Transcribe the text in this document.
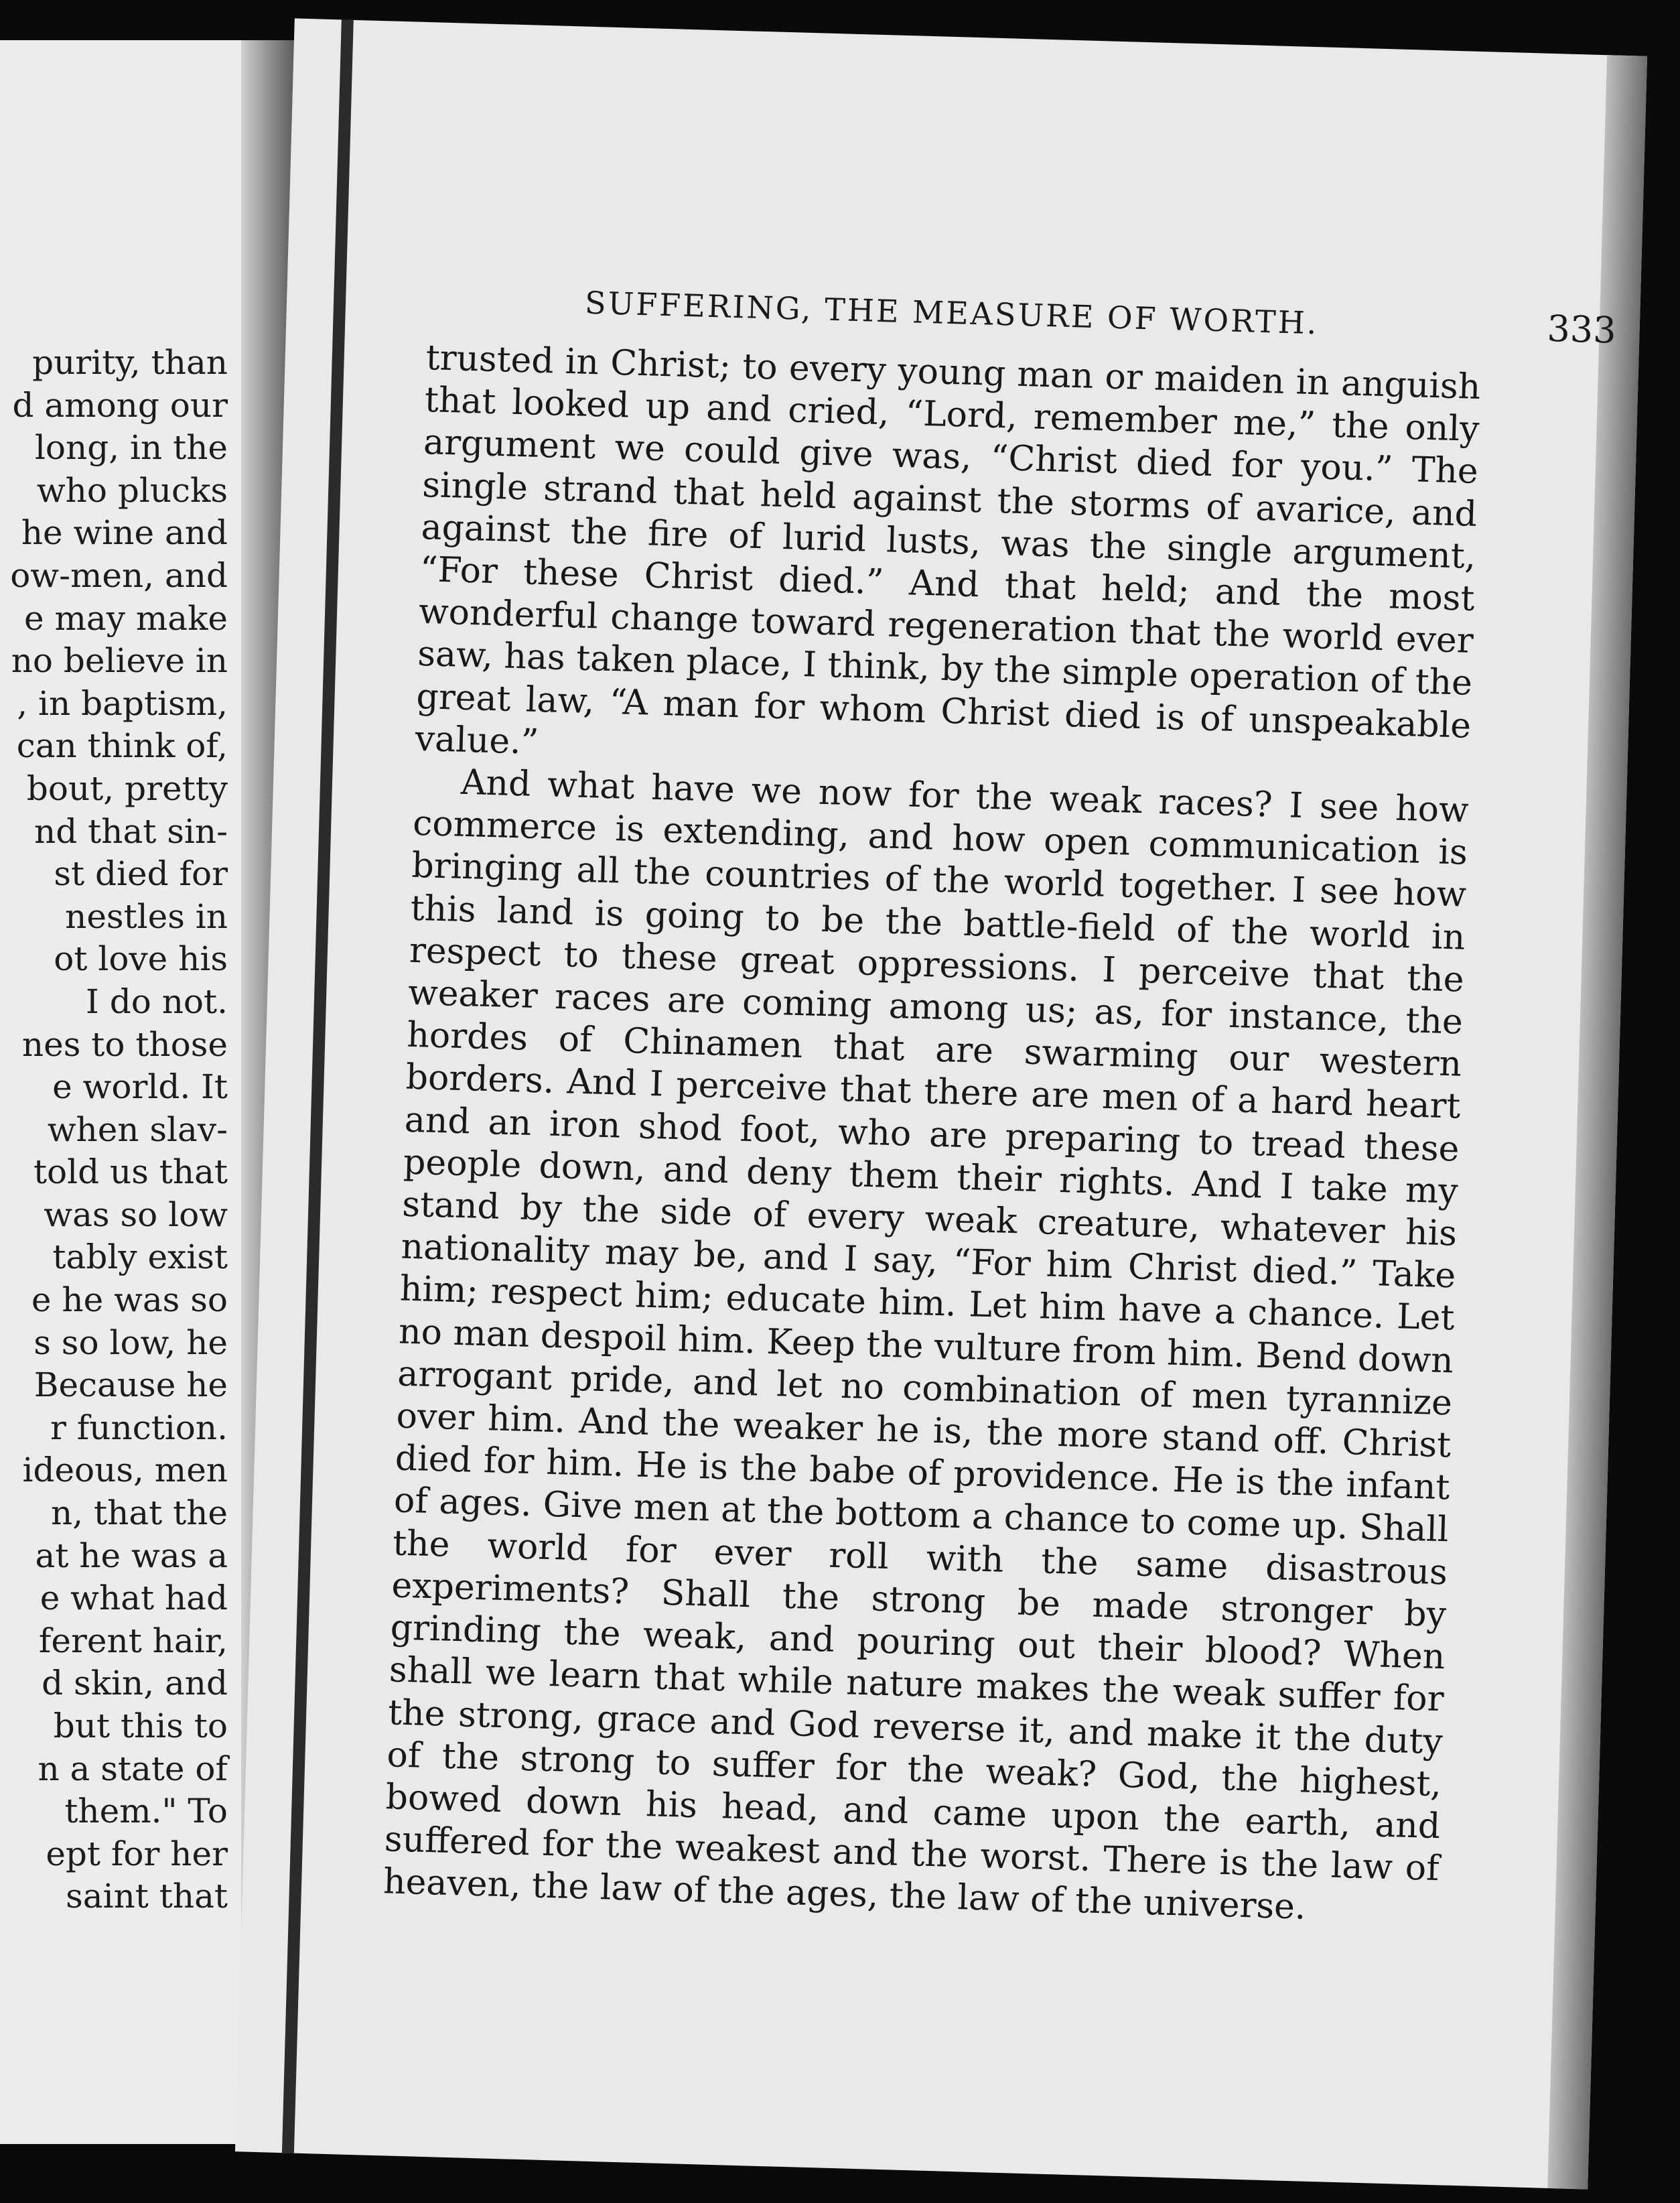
purity, than
d among our
long, in the
who plucks
he wine and
ow-men, and
e may make
no believe in
, in baptism,
can think of,
bout, pretty
nd that sin-
st died for
nestles in
ot love his
I do not.
nes to those
e world. It
when slav-
told us that
was so low
tably exist
e he was so
s so low, he
Because he
r function.
ideous, men
n, that the
at he was a
e what had
ferent hair,
d skin, and
but this to
n a state of
them." To
ept for her
saint that
SUFFERING, THE MEASURE OF WORTH.	333

trusted in Christ; to every young man or maiden in anguish that looked up and cried, “Lord, remember me,” the only argument we could give was, “Christ died for you.” The single strand that held against the storms of avarice, and against the fire of lurid lusts, was the single argument, “For these Christ died.” And that held; and the most wonderful change toward regeneration that the world ever saw, has taken place, I think, by the simple operation of the great law, “A man for whom Christ died is of unspeakable value.”

And what have we now for the weak races? I see how commerce is extending, and how open communication is bringing all the countries of the world together. I see how this land is going to be the battle-field of the world in respect to these great oppressions. I perceive that the weaker races are coming among us; as, for instance, the hordes of Chinamen that are swarming our western borders. And I perceive that there are men of a hard heart and an iron shod foot, who are preparing to tread these people down, and deny them their rights. And I take my stand by the side of every weak creature, whatever his nationality may be, and I say, “For him Christ died.” Take him; respect him; educate him. Let him have a chance. Let no man despoil him. Keep the vulture from him. Bend down arrogant pride, and let no combination of men tyrannize over him. And the weaker he is, the more stand off. Christ died for him. He is the babe of providence. He is the infant of ages. Give men at the bottom a chance to come up. Shall the world for ever roll with the same disastrous experiments? Shall the strong be made stronger by grinding the weak, and pouring out their blood? When shall we learn that while nature makes the weak suffer for the strong, grace and God reverse it, and make it the duty of the strong to suffer for the weak? God, the highest, bowed down his head, and came upon the earth, and suffered for the weakest and the worst. There is the law of heaven, the law of the ages, the law of the universe.
